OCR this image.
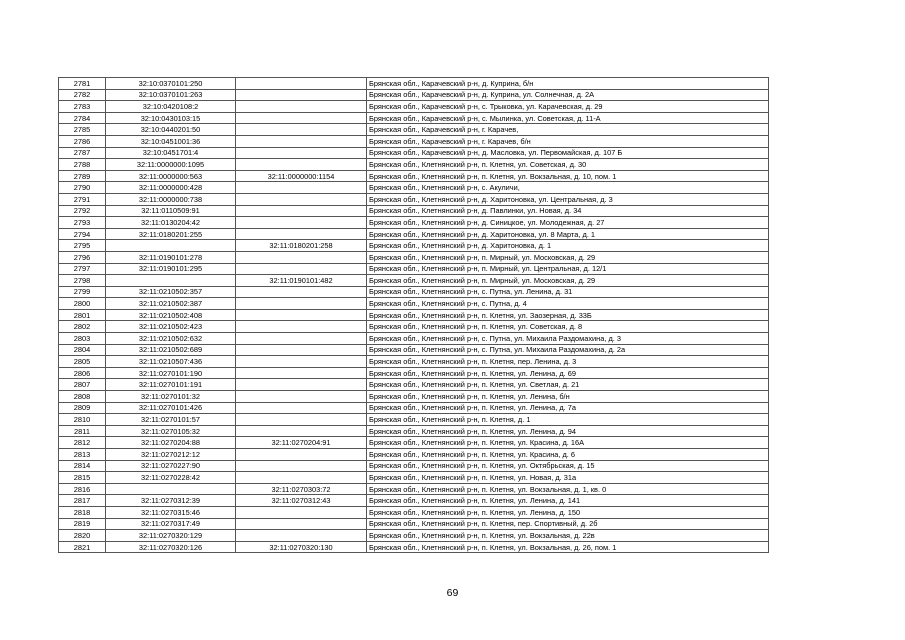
2781	32:10:0370101:250		Брянская обл., Карачевский р-н, д. Куприна, б/н
2782	32:10:0370101:263		Брянская обл., Карачевский р-н, д. Куприна, ул. Солнечная, д. 2А
2783	32:10:0420108:2		Брянская обл., Карачевский р-н, с. Трыковка, ул. Карачевская, д. 29
2784	32:10:0430103:15		Брянская обл., Карачевский р-н, с. Мылинка, ул. Советская, д. 11-А
2785	32:10:0440201:50		Брянская обл., Карачевский р-н, г. Карачев,
2786	32:10:0451001:36		Брянская обл., Карачевский р-н, г. Карачев, б/н
2787	32:10:0451701:4		Брянская обл., Карачевский р-н, д. Масловка, ул. Первомайская, д. 107 Б
2788	32:11:0000000:1095		Брянская обл., Клетнянский р-н, п. Клетня, ул. Советская, д. 30
2789	32:11:0000000:563	32:11:0000000:1154	Брянская обл., Клетнянский р-н, п. Клетня, ул. Вокзальная, д. 10, пом. 1
2790	32:11:0000000:428		Брянская обл., Клетнянский р-н, с. Акуличи,
2791	32:11:0000000:738		Брянская обл., Клетнянский р-н, д. Харитоновка, ул. Центральная, д. 3
2792	32:11:0110509:91		Брянская обл., Клетнянский р-н, д. Павлинки, ул. Новая, д. 34
2793	32:11:0130204:42		Брянская обл., Клетнянский р-н, д. Синицкое, ул. Молодежная, д. 27
2794	32:11:0180201:255		Брянская обл., Клетнянский р-н, д. Харитоновка, ул. 8 Марта, д. 1
2795		32:11:0180201:258	Брянская обл., Клетнянский р-н, д. Харитоновка, д. 1
2796	32:11:0190101:278		Брянская обл., Клетнянский р-н, п. Мирный, ул. Московская, д. 29
2797	32:11:0190101:295		Брянская обл., Клетнянский р-н, п. Мирный, ул. Центральная, д. 12/1
2798		32:11:0190101:482	Брянская обл., Клетнянский р-н, п. Мирный, ул. Московская, д. 29
2799	32:11:0210502:357		Брянская обл., Клетнянский р-н, с. Путна, ул. Ленина, д. 31
2800	32:11:0210502:387		Брянская обл., Клетнянский р-н, с. Путна, д. 4
2801	32:11:0210502:408		Брянская обл., Клетнянский р-н, п. Клетня, ул. Заозерная, д. 33Б
2802	32:11:0210502:423		Брянская обл., Клетнянский р-н, п. Клетня, ул. Советская, д. 8
2803	32:11:0210502:632		Брянская обл., Клетнянский р-н, с. Путна, ул. Михаила Раздомахина, д. 3
2804	32:11:0210502:689		Брянская обл., Клетнянский р-н, с. Путна, ул. Михаила Раздомахина, д. 2а
2805	32:11:0210507:436		Брянская обл., Клетнянский р-н, п. Клетня, пер. Ленина, д. 3
2806	32:11:0270101:190		Брянская обл., Клетнянский р-н, п. Клетня, ул. Ленина, д. 69
2807	32:11:0270101:191		Брянская обл., Клетнянский р-н, п. Клетня, ул. Светлая, д. 21
2808	32:11:0270101:32		Брянская обл., Клетнянский р-н, п. Клетня, ул. Ленина, б/н
2809	32:11:0270101:426		Брянская обл., Клетнянский р-н, п. Клетня, ул. Ленина, д. 7а
2810	32:11:0270101:57		Брянская обл., Клетнянский р-н, п. Клетня, д. 1
2811	32:11:0270105:32		Брянская обл., Клетнянский р-н, п. Клетня, ул. Ленина, д. 94
2812	32:11:0270204:88	32:11:0270204:91	Брянская обл., Клетнянский р-н, п. Клетня, ул. Красина, д. 16А
2813	32:11:0270212:12		Брянская обл., Клетнянский р-н, п. Клетня, ул. Красина, д. 6
2814	32:11:0270227:90		Брянская обл., Клетнянский р-н, п. Клетня, ул. Октябрьская, д. 15
2815	32:11:0270228:42		Брянская обл., Клетнянский р-н, п. Клетня, ул. Новая, д. 31а
2816		32:11:0270303:72	Брянская обл., Клетнянский р-н, п. Клетня, ул. Вокзальная, д. 1, кв. 0
2817	32:11:0270312:39	32:11:0270312:43	Брянская обл., Клетнянский р-н, п. Клетня, ул. Ленина, д. 141
2818	32:11:0270315:46		Брянская обл., Клетнянский р-н, п. Клетня, ул. Ленина, д. 150
2819	32:11:0270317:49		Брянская обл., Клетнянский р-н, п. Клетня, пер. Спортивный, д. 2б
2820	32:11:0270320:129		Брянская обл., Клетнянский р-н, п. Клетня, ул. Вокзальная, д. 22в
2821	32:11:0270320:126	32:11:0270320:130	Брянская обл., Клетнянский р-н, п. Клетня, ул. Вокзальная, д. 26, пом. 1
69
